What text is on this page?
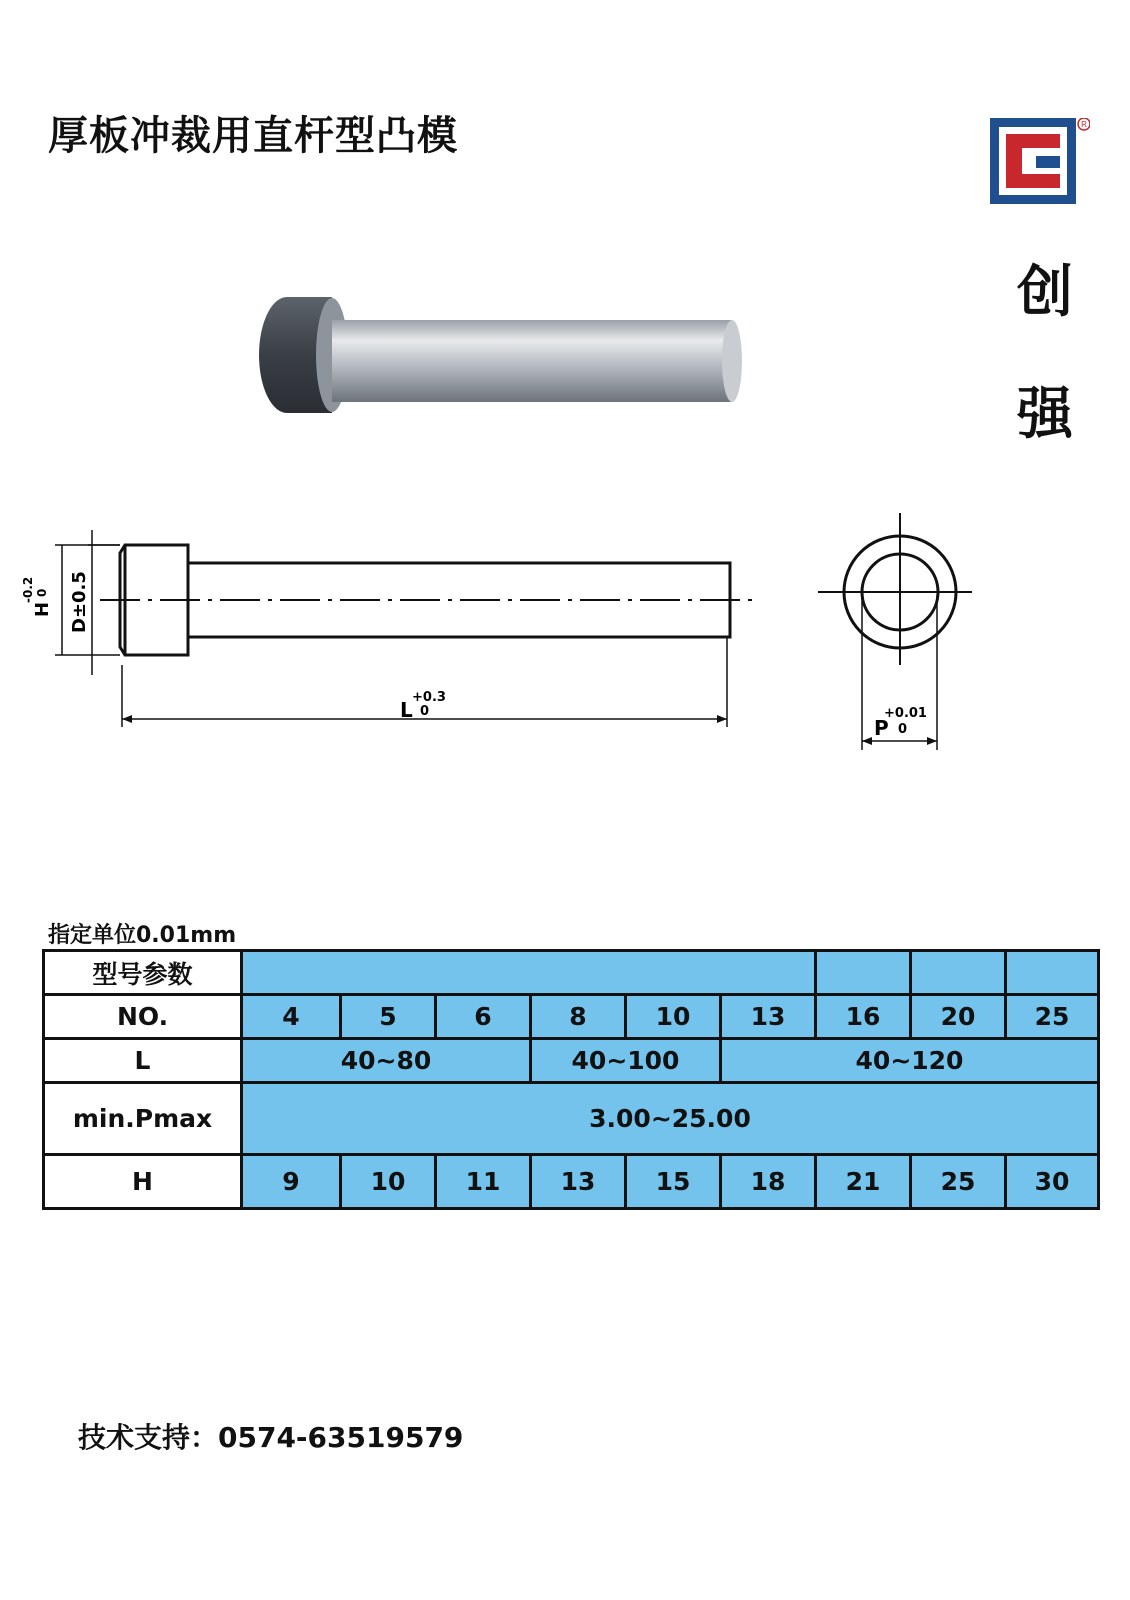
厚板冲裁用直杆型凸模	R
创
强
H
-0.2 0 D±0.5
L
+0.3
0
P
+0.01
0
指定单位0.01mm
型号参数									
NO.	4	5	6	8	10	13	16	20	25
L	40~80			40~100		40~120			
min.Pmax	3.00~25.00								
H	9	10	11	13	15	18	21	25	30
技术支持：0574-63519579
